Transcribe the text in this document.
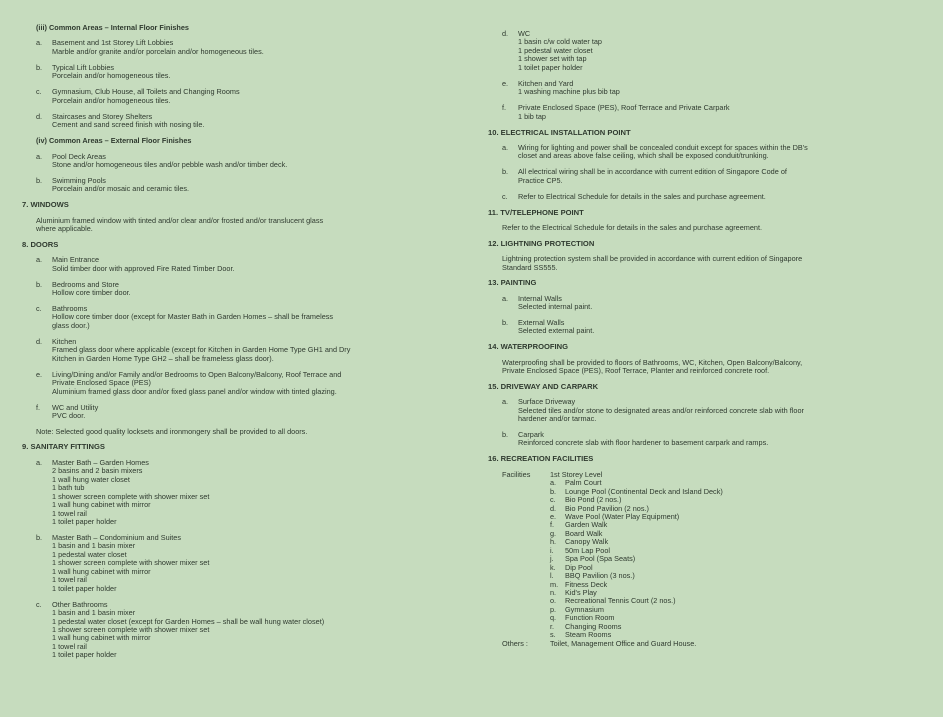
(iii) Common Areas – Internal Floor Finishes
a. Basement and 1st Storey Lift Lobbies
Marble and/or granite and/or porcelain and/or homogeneous tiles.
b. Typical Lift Lobbies
Porcelain and/or homogeneous tiles.
c. Gymnasium, Club House, all Toilets and Changing Rooms
Porcelain and/or homogeneous tiles.
d. Staircases and Storey Shelters
Cement and sand screed finish with nosing tile.
(iv) Common Areas – External Floor Finishes
a. Pool Deck Areas
Stone and/or homogeneous tiles and/or pebble wash and/or timber deck.
b. Swimming Pools
Porcelain and/or mosaic and ceramic tiles.
7. WINDOWS
Aluminium framed window with tinted and/or clear and/or frosted and/or translucent glass
where applicable.
8. DOORS
a. Main Entrance
Solid timber door with approved Fire Rated Timber Door.
b. Bedrooms and Store
Hollow core timber door.
c. Bathrooms
Hollow core timber door (except for Master Bath in Garden Homes – shall be frameless
glass door.)
d. Kitchen
Framed glass door where applicable (except for Kitchen in Garden Home Type GH1 and Dry
Kitchen in Garden Home Type GH2 – shall be frameless glass door).
e. Living/Dining and/or Family and/or Bedrooms to Open Balcony/Balcony, Roof Terrace and
Private Enclosed Space (PES)
Aluminium framed glass door and/or fixed glass panel and/or window with tinted glazing.
f. WC and Utility
PVC door.
Note: Selected good quality locksets and ironmongery shall be provided to all doors.
9. SANITARY FITTINGS
a. Master Bath – Garden Homes
2 basins and 2 basin mixers
1 wall hung water closet
1 bath tub
1 shower screen complete with shower mixer set
1 wall hung cabinet with mirror
1 towel rail
1 toilet paper holder
b. Master Bath – Condominium and Suites
1 basin and 1 basin mixer
1 pedestal water closet
1 shower screen complete with shower mixer set
1 wall hung cabinet with mirror
1 towel rail
1 toilet paper holder
c. Other Bathrooms
1 basin and 1 basin mixer
1 pedestal water closet (except for Garden Homes – shall be wall hung water closet)
1 shower screen complete with shower mixer set
1 wall hung cabinet with mirror
1 towel rail
1 toilet paper holder
d. WC
1 basin c/w cold water tap
1 pedestal water closet
1 shower set with tap
1 toilet paper holder
e. Kitchen and Yard
1 washing machine plus bib tap
f. Private Enclosed Space (PES), Roof Terrace and Private Carpark
1 bib tap
10. ELECTRICAL INSTALLATION POINT
a. Wiring for lighting and power shall be concealed conduit except for spaces within the DB's
closet and areas above false ceiling, which shall be exposed conduit/trunking.
b. All electrical wiring shall be in accordance with current edition of Singapore Code of
Practice CP5.
c. Refer to Electrical Schedule for details in the sales and purchase agreement.
11. TV/TELEPHONE POINT
Refer to the Electrical Schedule for details in the sales and purchase agreement.
12. LIGHTNING PROTECTION
Lightning protection system shall be provided in accordance with current edition of Singapore
Standard SS555.
13. PAINTING
a. Internal Walls
Selected internal paint.
b. External Walls
Selected external paint.
14. WATERPROOFING
Waterproofing shall be provided to floors of Bathrooms, WC, Kitchen, Open Balcony/Balcony,
Private Enclosed Space (PES), Roof Terrace, Planter and reinforced concrete roof.
15. DRIVEWAY AND CARPARK
a. Surface Driveway
Selected tiles and/or stone to designated areas and/or reinforced concrete slab with floor
hardener and/or tarmac.
b. Carpark
Reinforced concrete slab with floor hardener to basement carpark and ramps.
16. RECREATION FACILITIES
Facilities	1st Storey Level
a. Palm Court
b. Lounge Pool (Continental Deck and Island Deck)
c. Bio Pond (2 nos.)
d. Bio Pond Pavilion (2 nos.)
e. Wave Pool (Water Play Equipment)
f. Garden Walk
g. Board Walk
h. Canopy Walk
i. 50m Lap Pool
j. Spa Pool (Spa Seats)
k. Dip Pool
l. BBQ Pavilion (3 nos.)
m. Fitness Deck
n. Kid's Play
o. Recreational Tennis Court (2 nos.)
p. Gymnasium
q. Function Room
r. Changing Rooms
s. Steam Rooms
Others :	Toilet, Management Office and Guard House.
